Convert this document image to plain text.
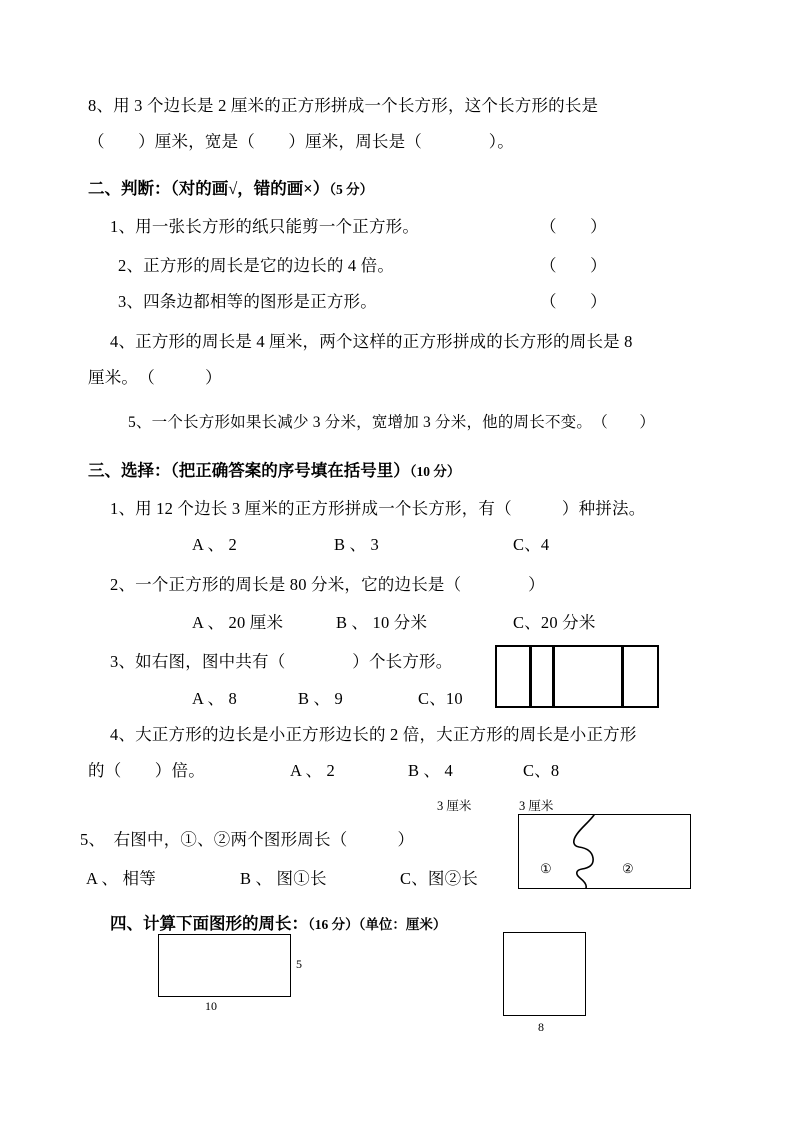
8、用 3 个边长是 2 厘米的正方形拼成一个长方形，这个长方形的长是
（　　）厘米，宽是（　　）厘米，周长是（　　　　）。
二、判断：（对的画√，错的画×）（5 分）
1、用一张长方形的纸只能剪一个正方形。	（　　）
2、正方形的周长是它的边长的 4 倍。	（　　）
3、四条边都相等的图形是正方形。	（　　）
4、正方形的周长是 4 厘米，两个这样的正方形拼成的长方形的周长是 8
厘米。　（　　　）
5、一个长方形如果长减少 3 分米，宽增加 3 分米，他的周长不变。　（　　）
三、选择：（把正确答案的序号填在括号里）（10 分）
1、用 12 个边长 3 厘米的正方形拼成一个长方形，有（　　　）种拼法。
A 、 2	B 、 3	C、4
2、一个正方形的周长是 80 分米，它的边长是（　　　　）
A 、 20 厘米	B 、 10 分米	C、20 分米
3、如右图，图中共有（　　　　）个长方形。
A 、 8	B 、 9	C、10
4、大正方形的边长是小正方形边长的 2 倍，大正方形的周长是小正方形
的（　　）倍。	A 、 2	B 、 4	C、8
3 厘米	3 厘米
5、　右图中，①、②两个图形周长（　　　）
A 、 相等	B 、 图①长	C、图②长
①	②
四、计算下面图形的周长：（16 分）（单位：厘米）
5
10
8
